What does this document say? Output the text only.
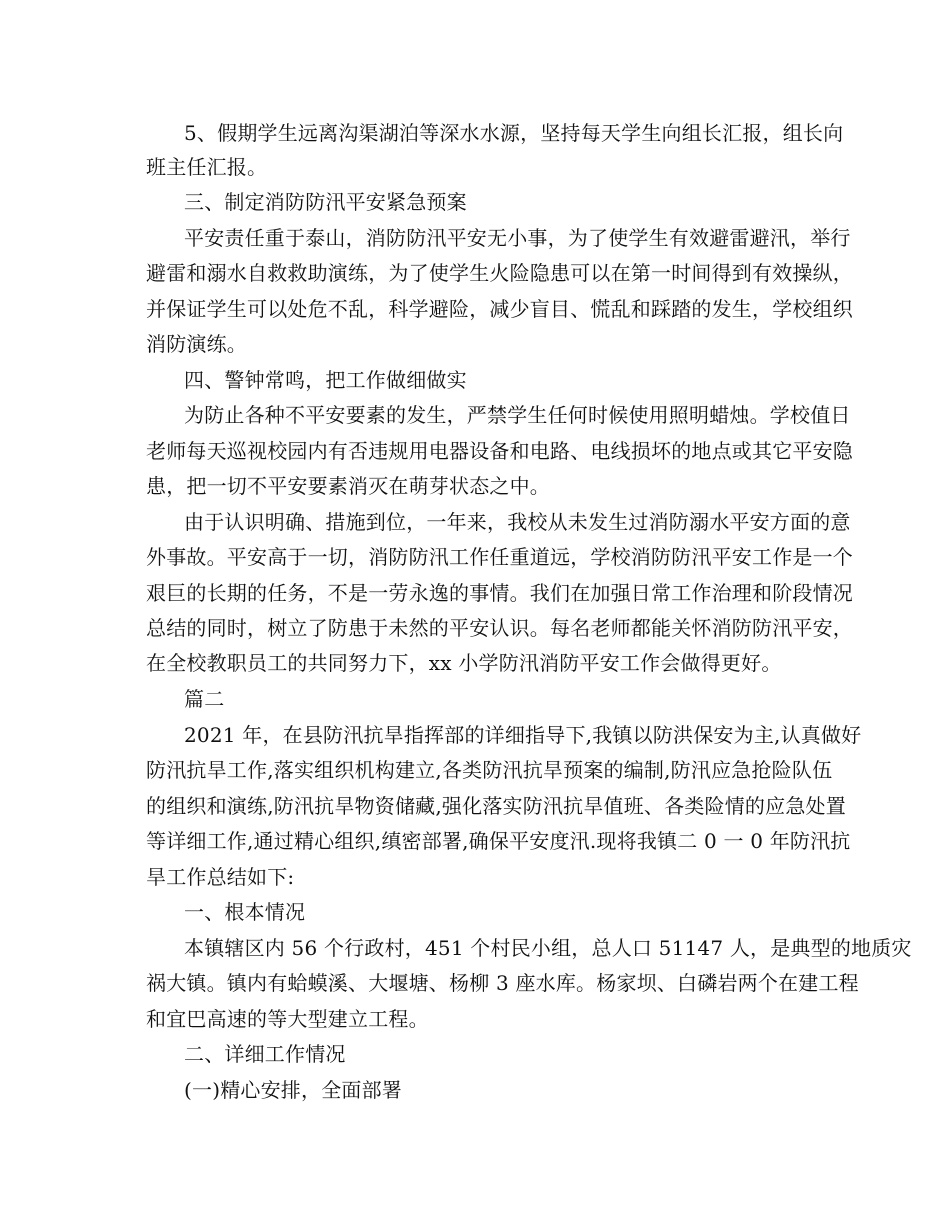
5、假期学生远离沟渠湖泊等深水水源，坚持每天学生向组长汇报，组长向
班主任汇报。
三、制定消防防汛平安紧急预案
平安责任重于泰山，消防防汛平安无小事，为了使学生有效避雷避汛，举行
避雷和溺水自救救助演练，为了使学生火险隐患可以在第一时间得到有效操纵，
并保证学生可以处危不乱，科学避险，减少盲目、慌乱和踩踏的发生，学校组织
消防演练。
四、警钟常鸣，把工作做细做实
为防止各种不平安要素的发生，严禁学生任何时候使用照明蜡烛。学校值日
老师每天巡视校园内有否违规用电器设备和电路、电线损坏的地点或其它平安隐
患，把一切不平安要素消灭在萌芽状态之中。
由于认识明确、措施到位，一年来，我校从未发生过消防溺水平安方面的意
外事故。平安高于一切，消防防汛工作任重道远，学校消防防汛平安工作是一个
艰巨的长期的任务，不是一劳永逸的事情。我们在加强日常工作治理和阶段情况
总结的同时，树立了防患于未然的平安认识。每名老师都能关怀消防防汛平安，
在全校教职员工的共同努力下，xx 小学防汛消防平安工作会做得更好。
篇二
2021 年，在县防汛抗旱指挥部的详细指导下,我镇以防洪保安为主,认真做好
防汛抗旱工作,落实组织机构建立,各类防汛抗旱预案的编制,防汛应急抢险队伍
的组织和演练,防汛抗旱物资储藏,强化落实防汛抗旱值班、各类险情的应急处置
等详细工作,通过精心组织,缜密部署,确保平安度汛.现将我镇二 0 一 0 年防汛抗
旱工作总结如下:
一、根本情况
本镇辖区内 56 个行政村，451 个村民小组，总人口 51147 人，是典型的地质灾
祸大镇。镇内有蛤蟆溪、大堰塘、杨柳 3 座水库。杨家坝、白磷岩两个在建工程
和宜巴高速的等大型建立工程。
二、详细工作情况
(一)精心安排，全面部署
